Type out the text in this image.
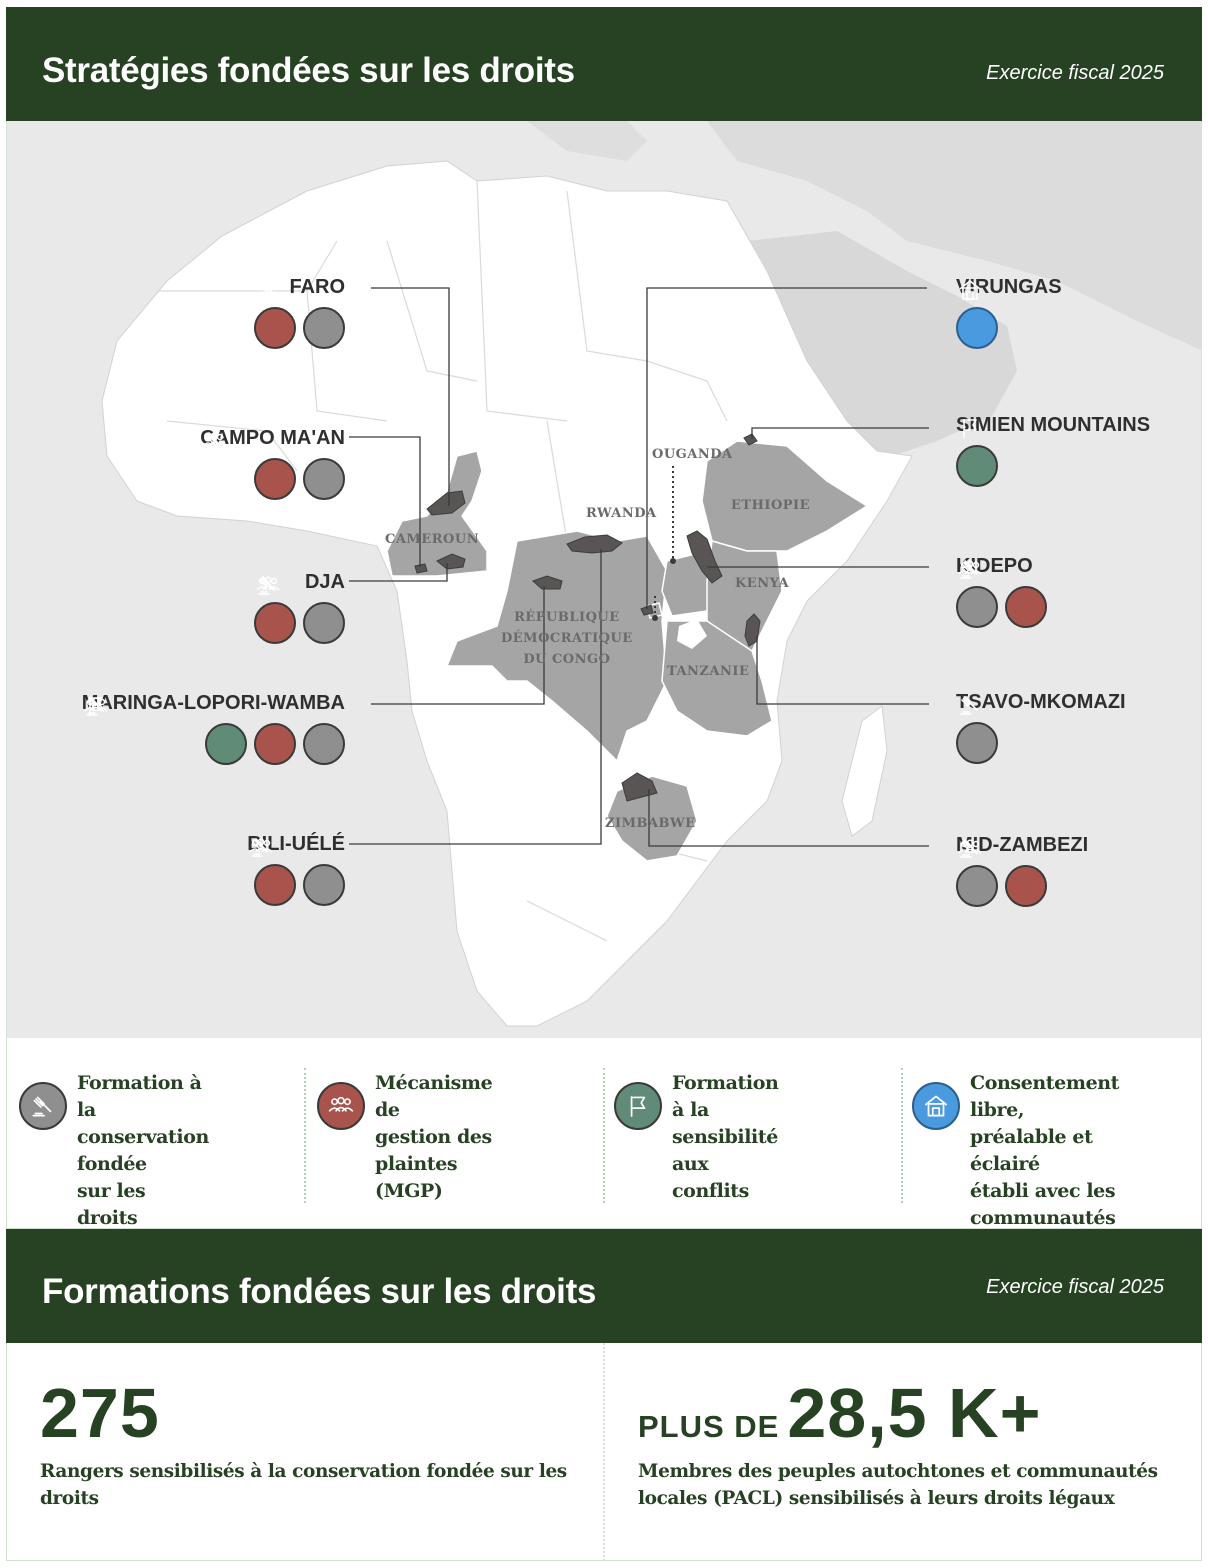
Stratégies fondées sur les droits	Exercice fiscal 2025
CAMEROUN
RÉPUBLIQUE
DÉMOCRATIQUE
DU CONGO
RWANDA
OUGANDA
ETHIOPIE
KENYA
TANZANIE
ZIMBABWE
FARO
CAMPO MA'AN
DJA
MARINGA-LOPORI-WAMBA
BILI-UÉLÉ
VIRUNGAS
SIMIEN MOUNTAINS
KIDEPO
TSAVO-MKOMAZI
MID-ZAMBEZI
Formation à la
conservation fondée
sur les droits
Mécanisme de
gestion des plaintes
(MGP)
Formation à la
sensibilité aux
conflits
Consentement libre,
préalable et éclairé
établi avec les
communautés

Formations fondées sur les droits	Exercice fiscal 2025
275
Rangers sensibilisés à la conservation fondée sur les
droits
PLUS DE 28,5 K+
Membres des peuples autochtones et communautés
locales (PACL) sensibilisés à leurs droits légaux
